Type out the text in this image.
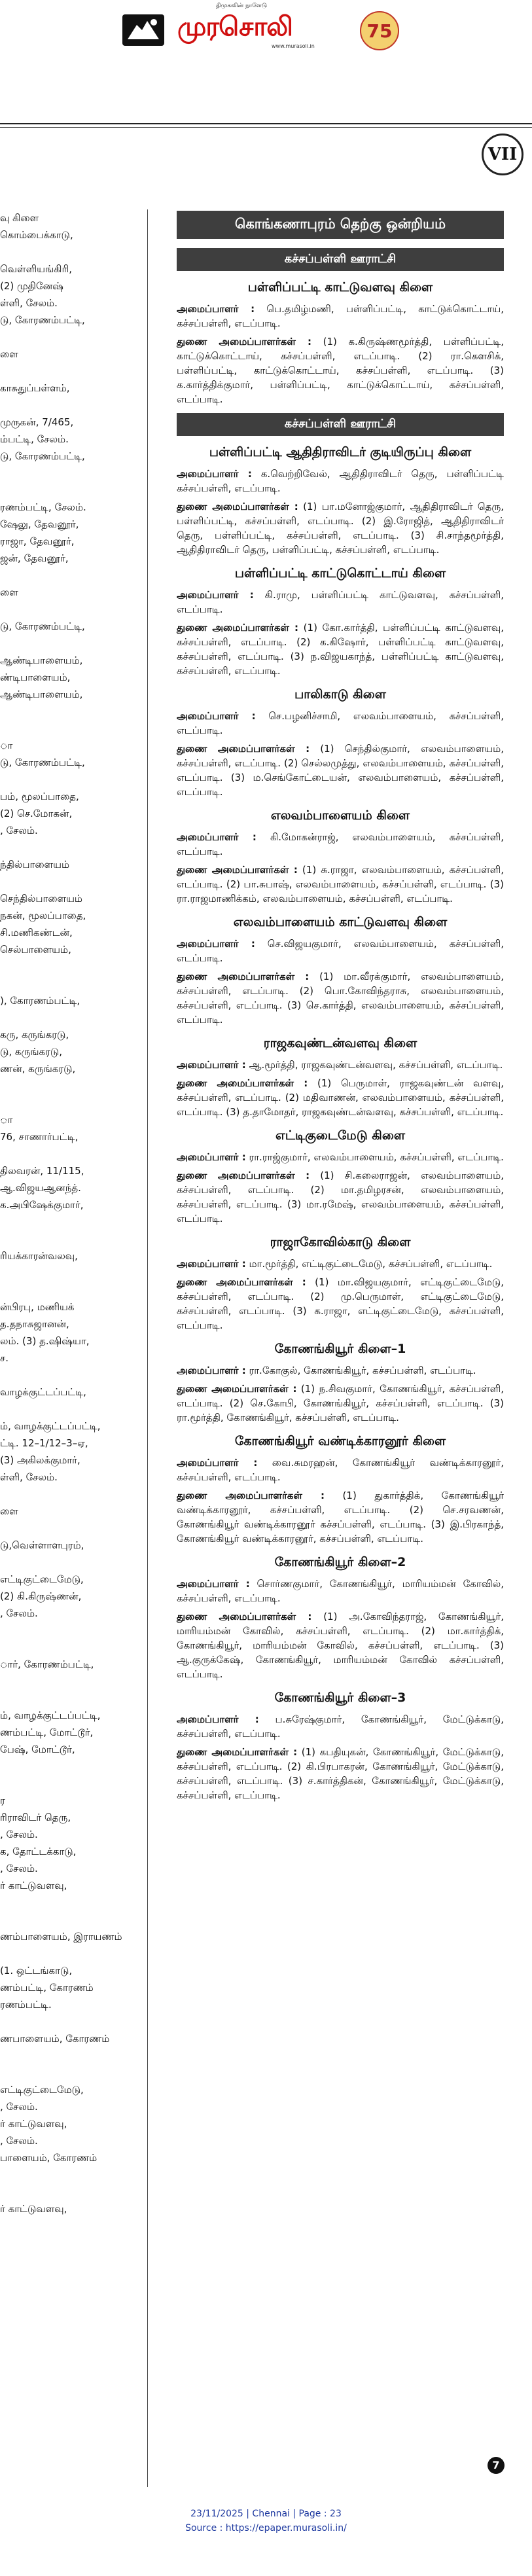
திமுகவின் நாளேடு
முரசொலி
www.murasoli.in
75
VII
வு கிளை
கொம்பைக்காடு,

வெள்ளியங்கிரி,
(2) முதினேஷ்
ள்ளி, சேலம்.
டு, கோரணம்பட்டி,

ளை

காசுதுப்பள்ளம்,

முருகன், 7/465,
ம்பட்டி, சேலம்.
டு, கோரணம்பட்டி,

ரணம்பட்டி, சேலம்.
ஷேலு, தேவனூர்,
ராஜா, தேவனூர்,
ஜன், தேவனூர்,

ளை

டு, கோரணம்பட்டி,

ஆண்டிபாளையம்,
ண்டிபாளையம்,
ஆண்டிபாளையம்,

ா
டு, கோரணம்பட்டி,

பம், மூலப்பாதை,
(2) செ.மோகன்,
, சேலம்.

ந்தில்பாளையம்

செந்தில்பாளையம்
நகன், மூலப்பாதை,
சி.மணிகண்டன்,
செல்பாளையம்,

), கோரணம்பட்டி,

கரு, கருங்கரடு,
டு, கருங்கரடு,
ணன், கருங்கரடு,

ா
76, சாணார்பட்டி,

திலவரன், 11/115,
ஆ.விஜயஆனந்த்.
க.அபிஷேக்குமார்,

ரியக்காரன்வலவு,

ன்பிரபு, மணியக்
த.தநாசுஜானன்,
லம். (3) த.ஷிஷ்யா,
ச.

வாழக்குட்டப்பட்டி,

ம், வாழக்குட்டப்பட்டி,
ட்டி. 12–1/12–3–ஏ,
(3) அகிலக்குமார்,
ள்ளி, சேலம்.

ளை

டு,வெள்ளாளபுரம்,

எட்டிகுட்டைமேடு,
(2) கி.கிருஷ்ணன்,
, சேலம்.

ார், கோரணம்பட்டி,

ம், வாழக்குட்டப்பட்டி,
ணம்பட்டி, மோட்டூர்,
பேஷ், மோட்டூர்,

ர
ரிராவிடர் தெரு,
, சேலம்.
க, தோட்டக்காடு,
, சேலம்.
ர் காட்டுவளவு,

ணம்பாளையம், இராயணம்

(1. ஒட்டங்காடு,
ணம்பட்டி, கோரணம்
ரணம்பட்டி.

ணபாளையம், கோரணம்

எட்டிகுட்டைமேடு,
, சேலம்.
ர் காட்டுவளவு,
, சேலம்.
பாளையம், கோரணம்

ர் காட்டுவளவு,
கொங்கணாபுரம் தெற்கு ஒன்றியம்
கச்சப்பள்ளி ஊராட்சி
பள்ளிப்பட்டி காட்டுவளவு கிளை
அமைப்பாளர் : பெ.தமிழ்மணி, பள்ளிப்பட்டி, காட்டுக்கொட்டாய், கச்சப்பள்ளி, எடப்பாடி.
துணை அமைப்பாளர்கள் : (1) க.கிருஷ்ணமூர்த்தி, பள்ளிப்பட்டி, காட்டுக்கொட்டாய், கச்சப்பள்ளி, எடப்பாடி. (2) ரா.கௌசிக், பள்ளிப்பட்டி, காட்டுக்கொட்டாய், கச்சப்பள்ளி, எடப்பாடி. (3) க.கார்த்திக்குமார், பள்ளிப்பட்டி, காட்டுக்கொட்டாய், கச்சப்பள்ளி, எடப்பாடி.
கச்சப்பள்ளி ஊராட்சி
பள்ளிப்பட்டி ஆதிதிராவிடர் குடியிருப்பு கிளை
அமைப்பாளர் : க.வெற்றிவேல், ஆதிதிராவிடர் தெரு, பள்ளிப்பட்டி கச்சப்பள்ளி, எடப்பாடி.
துணை அமைப்பாளர்கள் : (1) பா.மனோஜ்குமார், ஆதிதிராவிடர் தெரு, பள்ளிப்பட்டி, கச்சப்பள்ளி, எடப்பாடி. (2) இ.ரோஜித், ஆதிதிராவிடர் தெரு, பள்ளிப்பட்டி, கச்சப்பள்ளி, எடப்பாடி. (3) சி.சாந்தமூர்த்தி, ஆதிதிராவிடர் தெரு, பள்ளிப்பட்டி, கச்சப்பள்ளி, எடப்பாடி.
பள்ளிப்பட்டி காட்டுகொட்டாய் கிளை
அமைப்பாளர் : கி.ராமு, பள்ளிப்பட்டி காட்டுவளவு, கச்சப்பள்ளி, எடப்பாடி.
துணை அமைப்பாளர்கள் : (1) கோ.கார்த்தி, பள்ளிப்பட்டி காட்டுவளவு, கச்சப்பள்ளி, எடப்பாடி. (2) க.கிஷோர், பள்ளிப்பட்டி காட்டுவளவு, கச்சப்பள்ளி, எடப்பாடி. (3) ந.விஜயகாந்த், பள்ளிப்பட்டி காட்டுவளவு, கச்சப்பள்ளி, எடப்பாடி.
பாலிகாடு கிளை
அமைப்பாளர் : செ.பழனிச்சாமி, எலவம்பாளையம், கச்சப்பள்ளி, எடப்பாடி.
துணை அமைப்பாளர்கள் : (1) செந்தில்குமார், எலவம்பாளையம், கச்சப்பள்ளி, எடப்பாடி. (2) செல்லமுத்து, எலவம்பாளையம், கச்சப்பள்ளி, எடப்பாடி. (3) ம.செங்கோட்டையன், எலவம்பாளையம், கச்சப்பள்ளி, எடப்பாடி.
எலவம்பாளையம் கிளை
அமைப்பாளர் : கி.மோகன்ராஜ், எலவம்பாளையம், கச்சப்பள்ளி, எடப்பாடி.
துணை அமைப்பாளர்கள் : (1) சு.ராஜா, எலவம்பாளையம், கச்சப்பள்ளி, எடப்பாடி. (2) பா.சுபாஷ், எலவம்பாளையம், கச்சப்பள்ளி, எடப்பாடி. (3) ரா.ராஜமாணிக்கம், எலவம்பாளையம், கச்சப்பள்ளி, எடப்பாடி.
எலவம்பாளையம் காட்டுவளவு கிளை
அமைப்பாளர் : செ.விஜயகுமார், எலவம்பாளையம், கச்சப்பள்ளி, எடப்பாடி.
துணை அமைப்பாளர்கள் : (1) மா.வீரக்குமார், எலவம்பாளையம், கச்சப்பள்ளி, எடப்பாடி. (2) பொ.கோவிந்தராசு, எலவம்பாளையம், கச்சப்பள்ளி, எடப்பாடி. (3) செ.கார்த்தி, எலவம்பாளையம், கச்சப்பள்ளி, எடப்பாடி.
ராஜகவுண்டன்வளவு கிளை
அமைப்பாளர் : ஆ.மூர்த்தி, ராஜகவுண்டன்வளவு, கச்சப்பள்ளி, எடப்பாடி.
துணை அமைப்பாளர்கள் : (1) பெருமாள், ராஜகவுண்டன் வளவு, கச்சப்பள்ளி, எடப்பாடி. (2) மதிவாணன், எலவம்பாளையம், கச்சப்பள்ளி, எடப்பாடி. (3) த.தாமோதர், ராஜகவுண்டன்வளவு, கச்சப்பள்ளி, எடப்பாடி.
எட்டிகுடைமேடு கிளை
அமைப்பாளர் : ரா.ராஜ்குமார், எலவம்பாளையம், கச்சப்பள்ளி, எடப்பாடி.
துணை அமைப்பாளர்கள் : (1) சி.கலைராஜன், எலவம்பாளையம், கச்சப்பள்ளி, எடப்பாடி. (2) மா.தமிழரசன், எலவம்பாளையம், கச்சப்பள்ளி, எடப்பாடி. (3) மா.ரமேஷ், எலவம்பாளையம், கச்சப்பள்ளி, எடப்பாடி.
ராஜாகோவில்காடு கிளை
அமைப்பாளர் : மா.மூர்த்தி, எட்டிகுட்டைமேடு, கச்சப்பள்ளி, எடப்பாடி.
துணை அமைப்பாளர்கள் : (1) மா.விஜயகுமார், எட்டிகுட்டைமேடு, கச்சப்பள்ளி, எடப்பாடி. (2) மு.பெருமாள், எட்டிகுட்டைமேடு, கச்சப்பள்ளி, எடப்பாடி. (3) க.ராஜா, எட்டிகுட்டைமேடு, கச்சப்பள்ளி, எடப்பாடி.
கோணங்கியூர் கிளை–1
அமைப்பாளர் : ரா.கோகுல், கோணங்கியூர், கச்சப்பள்ளி, எடப்பாடி.
துணை அமைப்பாளர்கள் : (1) ந.சிவகுமார், கோணங்கியூர், கச்சப்பள்ளி, எடப்பாடி. (2) செ.கோபி, கோணங்கியூர், கச்சப்பள்ளி, எடப்பாடி. (3) ரா.மூர்த்தி, கோணங்கியூர், கச்சப்பள்ளி, எடப்பாடி.
கோணங்கியூர் வண்டிக்காரனூர் கிளை
அமைப்பாளர் : வை.சுமரஹன், கோணங்கியூர் வண்டிக்காரனூர், கச்சப்பள்ளி, எடப்பாடி.
துணை அமைப்பாளர்கள் : (1) துகார்த்திக், கோணங்கியூர் வண்டிக்காரனூர், கச்சப்பள்ளி, எடப்பாடி. (2) செ.சரவணன், கோணங்கியூர் வண்டிக்காரனூர் கச்சப்பள்ளி, எடப்பாடி. (3) இ.பிரகாந்த், கோணங்கியூர் வண்டிக்காரனூர், கச்சப்பள்ளி, எடப்பாடி.
கோணங்கியூர் கிளை–2
அமைப்பாளர் : சொர்ணகுமார், கோணங்கியூர், மாரியம்மன் கோவில், கச்சப்பள்ளி, எடப்பாடி.
துணை அமைப்பாளர்கள் : (1) அ.கோவிந்தராஜ், கோணங்கியூர், மாரியம்மன் கோவில், கச்சப்பள்ளி, எடப்பாடி. (2) மா.கார்த்திக், கோணங்கியூர், மாரியம்மன் கோவில், கச்சப்பள்ளி, எடப்பாடி. (3) ஆ.குருக்கேஷ், கோணங்கியூர், மாரியம்மன் கோவில் கச்சப்பள்ளி, எடப்பாடி.
கோணங்கியூர் கிளை–3
அமைப்பாளர் : ப.சுரேஷ்குமார், கோணங்கியூர், மேட்டுக்காடு, கச்சப்பள்ளி, எடப்பாடி.
துணை அமைப்பாளர்கள் : (1) கபதியுகன், கோணங்கியூர், மேட்டுக்காடு, கச்சப்பள்ளி, எடப்பாடி. (2) கி.பிரபாகரன், கோணங்கியூர், மேட்டுக்காடு, கச்சப்பள்ளி, எடப்பாடி. (3) ச.கார்த்திகன், கோணங்கியூர், மேட்டுக்காடு, கச்சப்பள்ளி, எடப்பாடி.
7
23/11/2025 | Chennai | Page : 23
Source : https://epaper.murasoli.in/
